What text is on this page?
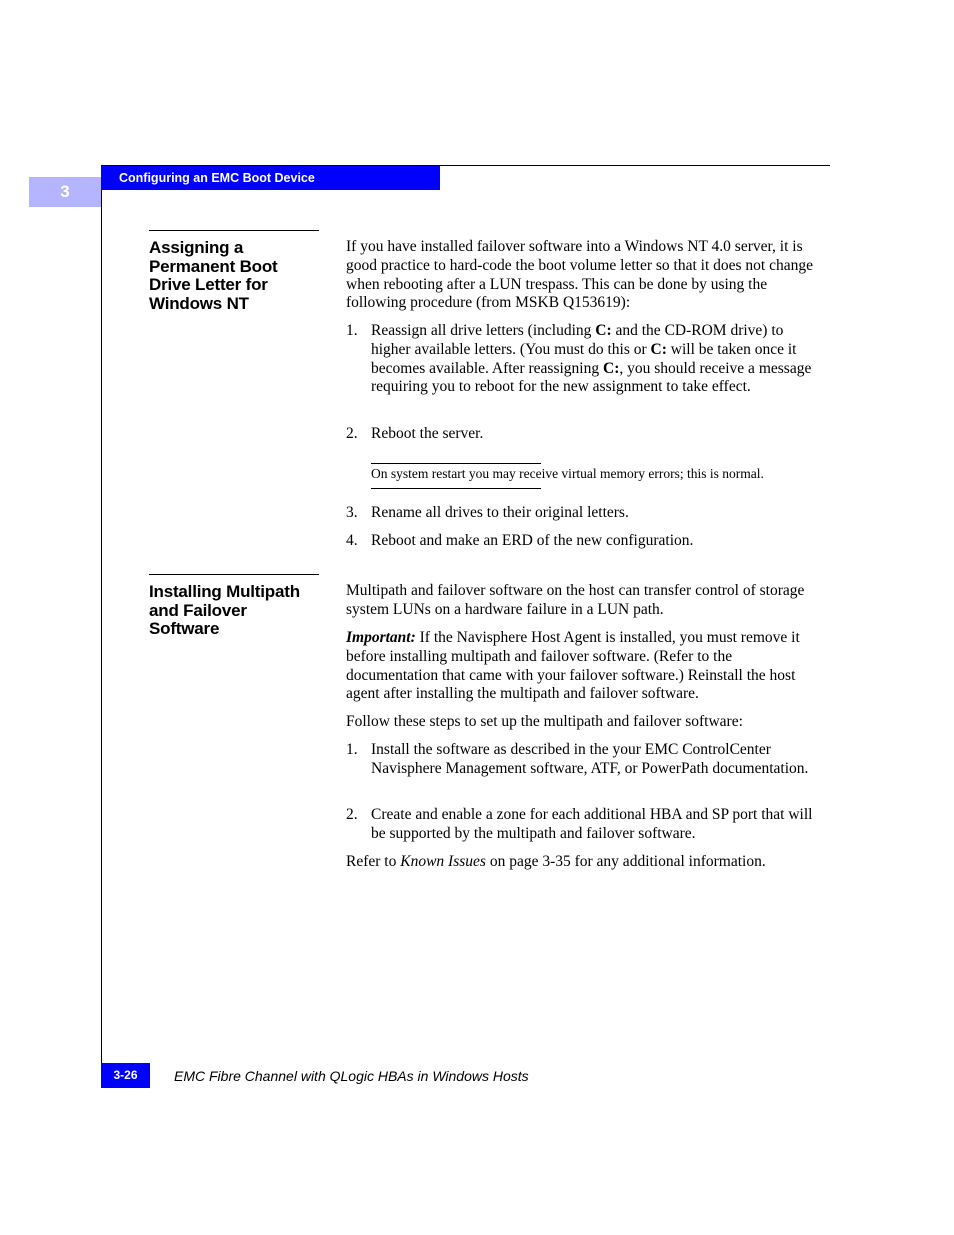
Configuring an EMC Boot Device
3
Assigning a
Permanent Boot
Drive Letter for
Windows NT
If you have installed failover software into a Windows NT 4.0 server, it is good practice to hard-code the boot volume letter so that it does not change when rebooting after a LUN trespass. This can be done by using the following procedure (from MSKB Q153619):
1. Reassign all drive letters (including C: and the CD-ROM drive) to higher available letters. (You must do this or C: will be taken once it becomes available. After reassigning C:, you should receive a message requiring you to reboot for the new assignment to take effect.
2. Reboot the server.
On system restart you may receive virtual memory errors; this is normal.
3. Rename all drives to their original letters.
4. Reboot and make an ERD of the new configuration.
Installing Multipath
and Failover
Software
Multipath and failover software on the host can transfer control of storage system LUNs on a hardware failure in a LUN path.
Important: If the Navisphere Host Agent is installed, you must remove it before installing multipath and failover software. (Refer to the documentation that came with your failover software.) Reinstall the host agent after installing the multipath and failover software.
Follow these steps to set up the multipath and failover software:
1. Install the software as described in the your EMC ControlCenter Navisphere Management software, ATF, or PowerPath documentation.
2. Create and enable a zone for each additional HBA and SP port that will be supported by the multipath and failover software.
Refer to Known Issues on page 3-35 for any additional information.
3-26	EMC Fibre Channel with QLogic HBAs in Windows Hosts
